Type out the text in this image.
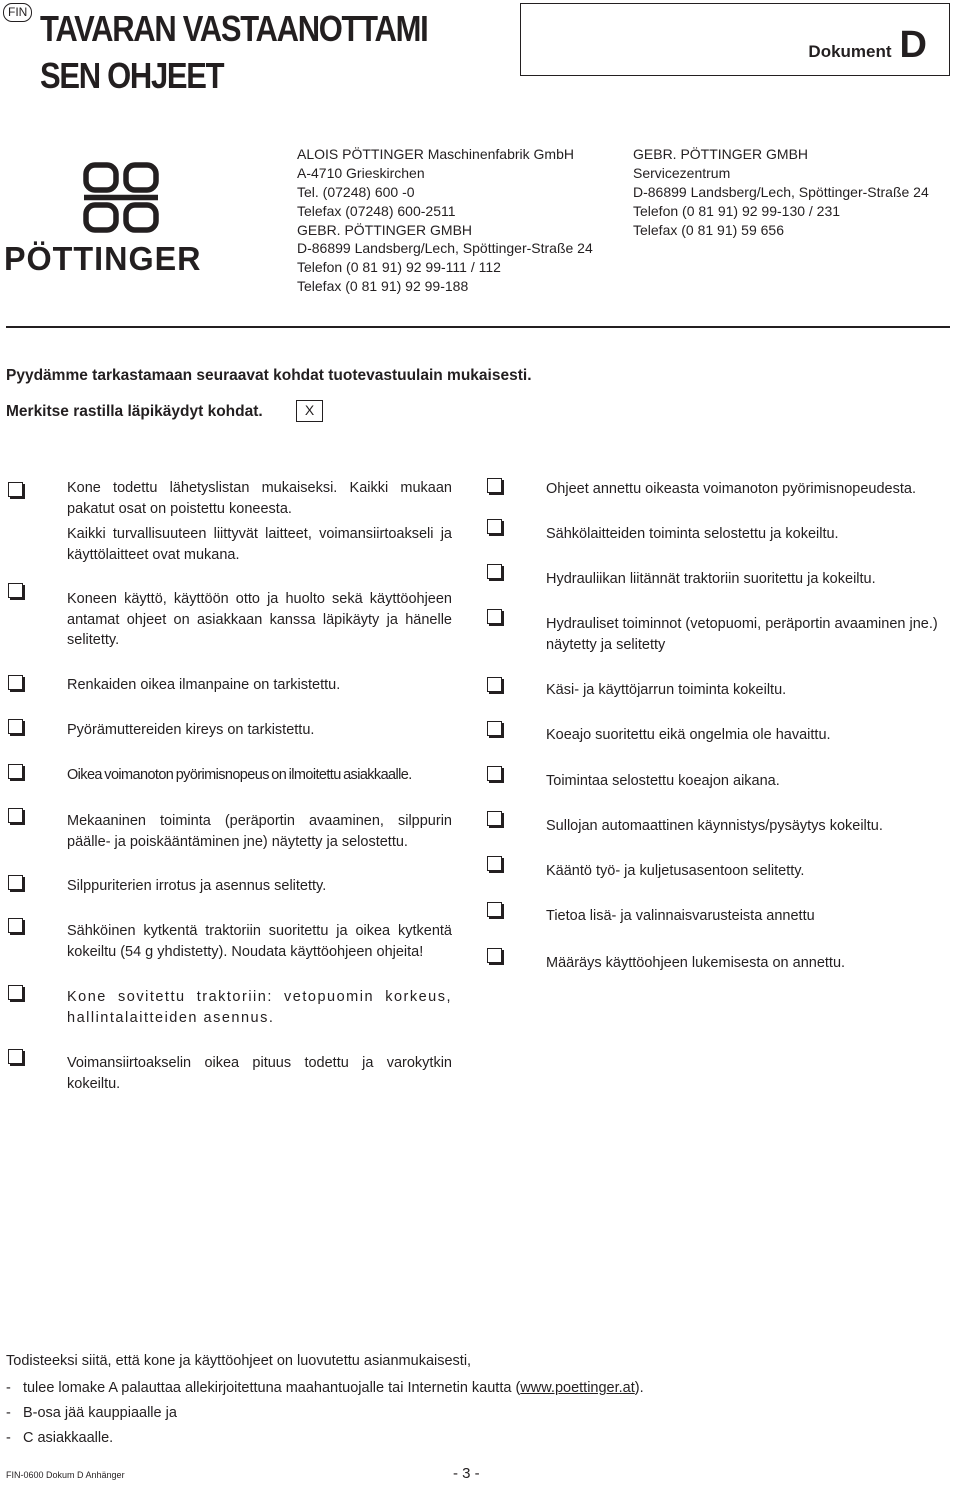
FIN TAVARAN VASTAANOTTAMI
SEN OHJEET
Dokument D
PÖTTINGER
ALOIS PÖTTINGER Maschinenfabrik GmbH
A-4710 Grieskirchen
Tel. (07248) 600 -0
Telefax (07248) 600-2511
GEBR. PÖTTINGER GMBH
D-86899 Landsberg/Lech, Spöttinger-Straße 24
Telefon (0 81 91) 92 99-111 / 112
Telefax (0 81 91) 92 99-188
GEBR. PÖTTINGER GMBH
Servicezentrum
D-86899 Landsberg/Lech, Spöttinger-Straße 24
Telefon (0 81 91) 92 99-130 / 231
Telefax (0 81 91) 59 656
Pyydämme tarkastamaan seuraavat kohdat tuotevastuulain mukaisesti.
Merkitse rastilla läpikäydyt kohdat.	X
Kone todettu lähetyslistan mukaiseksi. Kaikki mukaan pakatut osat on poistettu koneesta.
Kaikki turvallisuuteen liittyvät laitteet, voimansiirtoakseli ja käyttölaitteet ovat mukana.
Koneen käyttö, käyttöön otto ja huolto sekä käyttöohjeen antamat ohjeet on asiakkaan kanssa läpikäyty ja hänelle selitetty.
Renkaiden oikea ilmanpaine on tarkistettu.
Pyörämuttereiden kireys on tarkistettu.
Oikea voimanoton pyörimisnopeus on ilmoitettu asiakkaalle.
Mekaaninen toiminta (peräportin avaaminen, silppurin päälle- ja poiskääntäminen jne) näytetty ja selostettu.
Silppuriterien irrotus ja asennus selitetty.
Sähköinen kytkentä traktoriin suoritettu ja oikea kytkentä kokeiltu (54 g yhdistetty). Noudata käyttöohjeen ohjeita!
Kone sovitettu traktoriin: vetopuomin korkeus, hallintalaitteiden asennus.
Voimansiirtoakselin oikea pituus todettu ja varokytkin kokeiltu.
Ohjeet annettu oikeasta voimanoton pyörimisnopeudesta.
Sähkölaitteiden toiminta selostettu ja kokeiltu.
Hydrauliikan liitännät traktoriin suoritettu ja kokeiltu.
Hydrauliset toiminnot (vetopuomi, peräportin avaaminen jne.) näytetty ja selitetty
Käsi- ja käyttöjarrun toiminta kokeiltu.
Koeajo suoritettu eikä ongelmia ole havaittu.
Toimintaa selostettu koeajon aikana.
Sullojan automaattinen käynnistys/pysäytys kokeiltu.
Kääntö työ- ja kuljetusasentoon selitetty.
Tietoa lisä- ja valinnaisvarusteista annettu
Määräys käyttöohjeen lukemisesta on annettu.
Todisteeksi siitä, että kone ja käyttöohjeet on luovutettu asianmukaisesti,
- tulee lomake A palauttaa allekirjoitettuna maahantuojalle tai Internetin kautta (www.poettinger.at).
- B-osa jää kauppiaalle ja
- C asiakkaalle.
FIN-0600 Dokum D Anhänger	- 3 -
